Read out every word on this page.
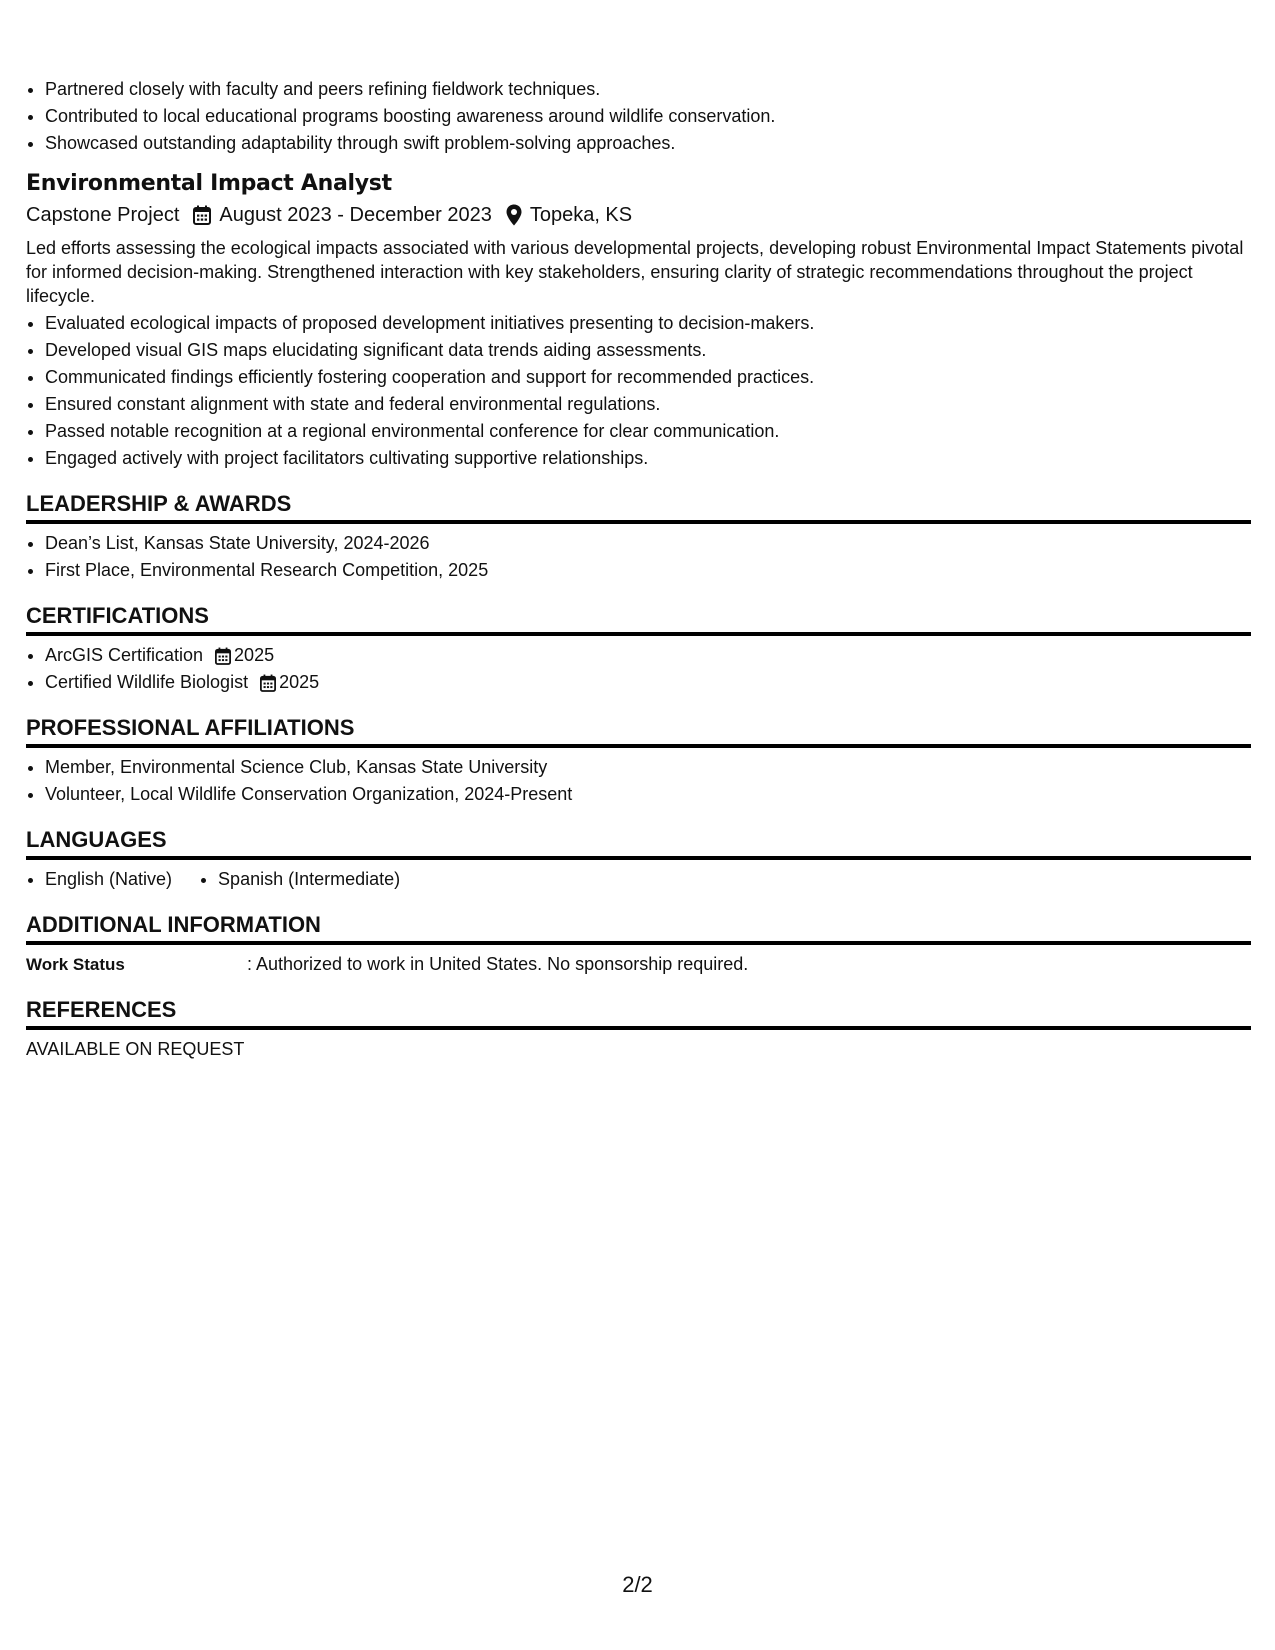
• Partnered closely with faculty and peers refining fieldwork techniques.
• Contributed to local educational programs boosting awareness around wildlife conservation.
• Showcased outstanding adaptability through swift problem-solving approaches.
Environmental Impact Analyst
Capstone Project August 2023 - December 2023 Topeka, KS
Led efforts assessing the ecological impacts associated with various developmental projects, developing robust Environmental Impact Statements pivotal for informed decision-making. Strengthened interaction with key stakeholders, ensuring clarity of strategic recommendations throughout the project lifecycle.
• Evaluated ecological impacts of proposed development initiatives presenting to decision-makers.
• Developed visual GIS maps elucidating significant data trends aiding assessments.
• Communicated findings efficiently fostering cooperation and support for recommended practices.
• Ensured constant alignment with state and federal environmental regulations.
• Passed notable recognition at a regional environmental conference for clear communication.
• Engaged actively with project facilitators cultivating supportive relationships.
LEADERSHIP & AWARDS
• Dean’s List, Kansas State University, 2024-2026
• First Place, Environmental Research Competition, 2025
CERTIFICATIONS
• ArcGIS Certification 2025
• Certified Wildlife Biologist 2025
PROFESSIONAL AFFILIATIONS
• Member, Environmental Science Club, Kansas State University
• Volunteer, Local Wildlife Conservation Organization, 2024-Present
LANGUAGES
• English (Native)
•	Spanish (Intermediate)
ADDITIONAL INFORMATION
Work Status	: Authorized to work in United States. No sponsorship required.
REFERENCES
AVAILABLE ON REQUEST
2/2
